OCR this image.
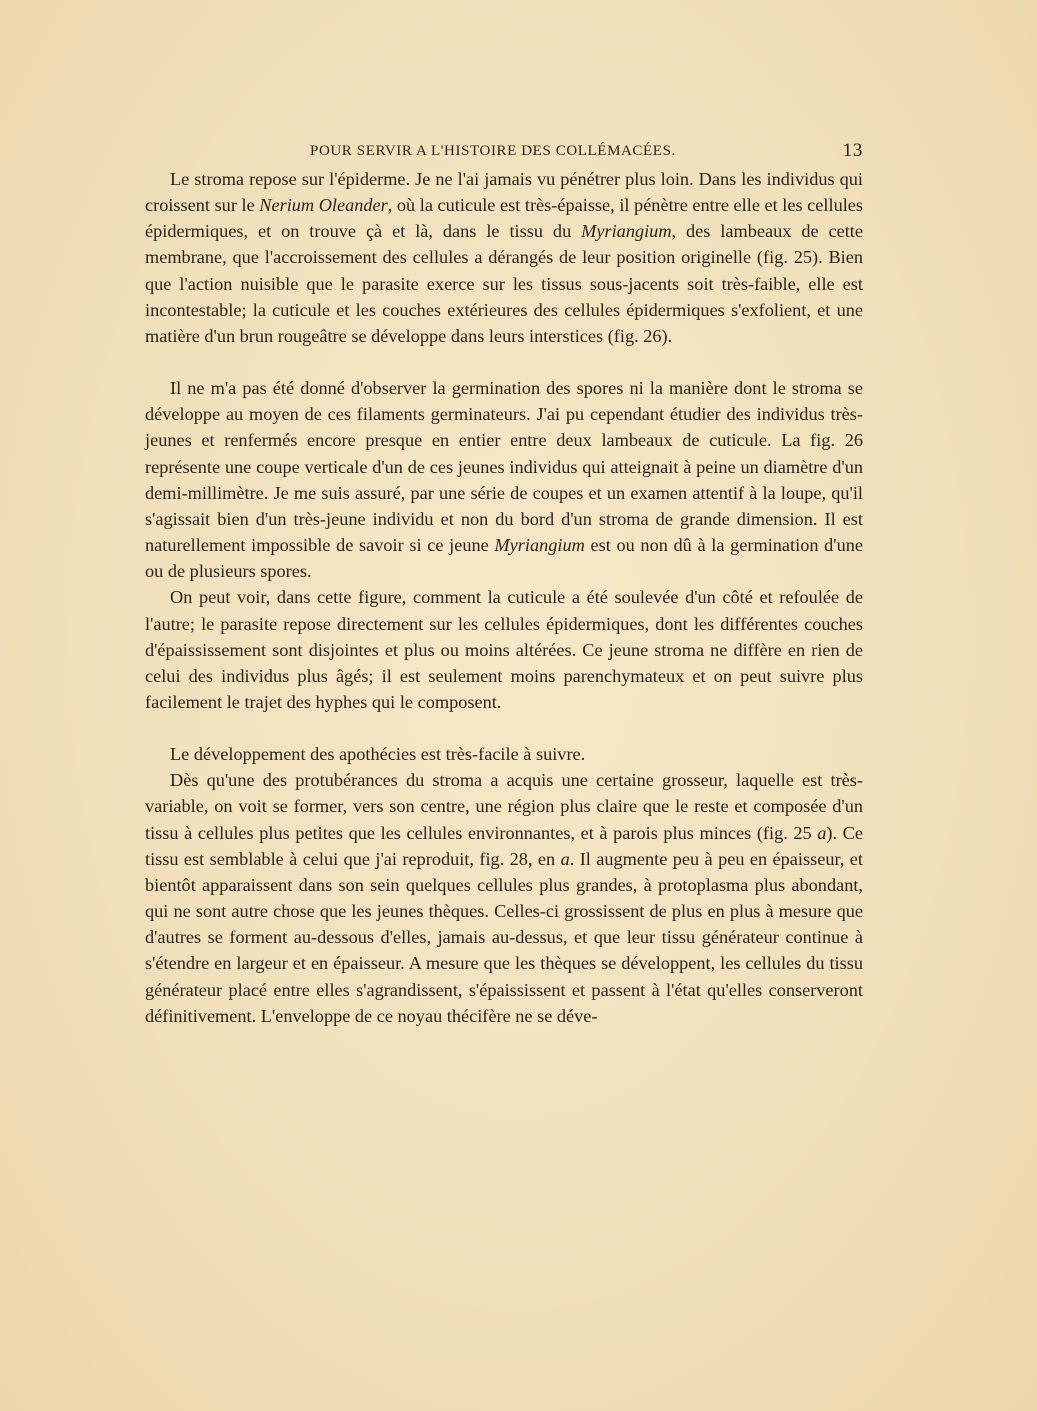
POUR SERVIR A L'HISTOIRE DES COLLÉMACÉES.	13

Le stroma repose sur l'épiderme. Je ne l'ai jamais vu pénétrer plus loin. Dans les individus qui croissent sur le Nerium Oleander, où la cuticule est très-épaisse, il pénètre entre elle et les cellules épidermiques, et on trouve çà et là, dans le tissu du Myriangium, des lambeaux de cette membrane, que l'accroissement des cellules a dérangés de leur position originelle (fig. 25). Bien que l'action nuisible que le parasite exerce sur les tissus sous-jacents soit très-faible, elle est incontestable; la cuticule et les couches extérieures des cellules épidermiques s'exfolient, et une matière d'un brun rougeâtre se développe dans leurs interstices (fig. 26).

Il ne m'a pas été donné d'observer la germination des spores ni la manière dont le stroma se développe au moyen de ces filaments germinateurs. J'ai pu cependant étudier des individus très-jeunes et renfermés encore presque en entier entre deux lambeaux de cuticule. La fig. 26 représente une coupe verticale d'un de ces jeunes individus qui atteignait à peine un diamètre d'un demi-millimètre. Je me suis assuré, par une série de coupes et un examen attentif à la loupe, qu'il s'agissait bien d'un très-jeune individu et non du bord d'un stroma de grande dimension. Il est naturellement impossible de savoir si ce jeune Myriangium est ou non dû à la germination d'une ou de plusieurs spores.

On peut voir, dans cette figure, comment la cuticule a été soulevée d'un côté et refoulée de l'autre; le parasite repose directement sur les cellules épidermiques, dont les différentes couches d'épaississement sont disjointes et plus ou moins altérées. Ce jeune stroma ne diffère en rien de celui des individus plus âgés; il est seulement moins parenchymateux et on peut suivre plus facilement le trajet des hyphes qui le composent.

Le développement des apothécies est très-facile à suivre.

Dès qu'une des protubérances du stroma a acquis une certaine grosseur, laquelle est très-variable, on voit se former, vers son centre, une région plus claire que le reste et composée d'un tissu à cellules plus petites que les cellules environnantes, et à parois plus minces (fig. 25 a). Ce tissu est semblable à celui que j'ai reproduit, fig. 28, en a. Il augmente peu à peu en épaisseur, et bientôt apparaissent dans son sein quelques cellules plus grandes, à protoplasma plus abondant, qui ne sont autre chose que les jeunes thèques. Celles-ci grossissent de plus en plus à mesure que d'autres se forment au-dessous d'elles, jamais au-dessus, et que leur tissu générateur continue à s'étendre en largeur et en épaisseur. A mesure que les thèques se développent, les cellules du tissu générateur placé entre elles s'agrandissent, s'épaississent et passent à l'état qu'elles conserveront définitivement. L'enveloppe de ce noyau thécifère ne se déve-
